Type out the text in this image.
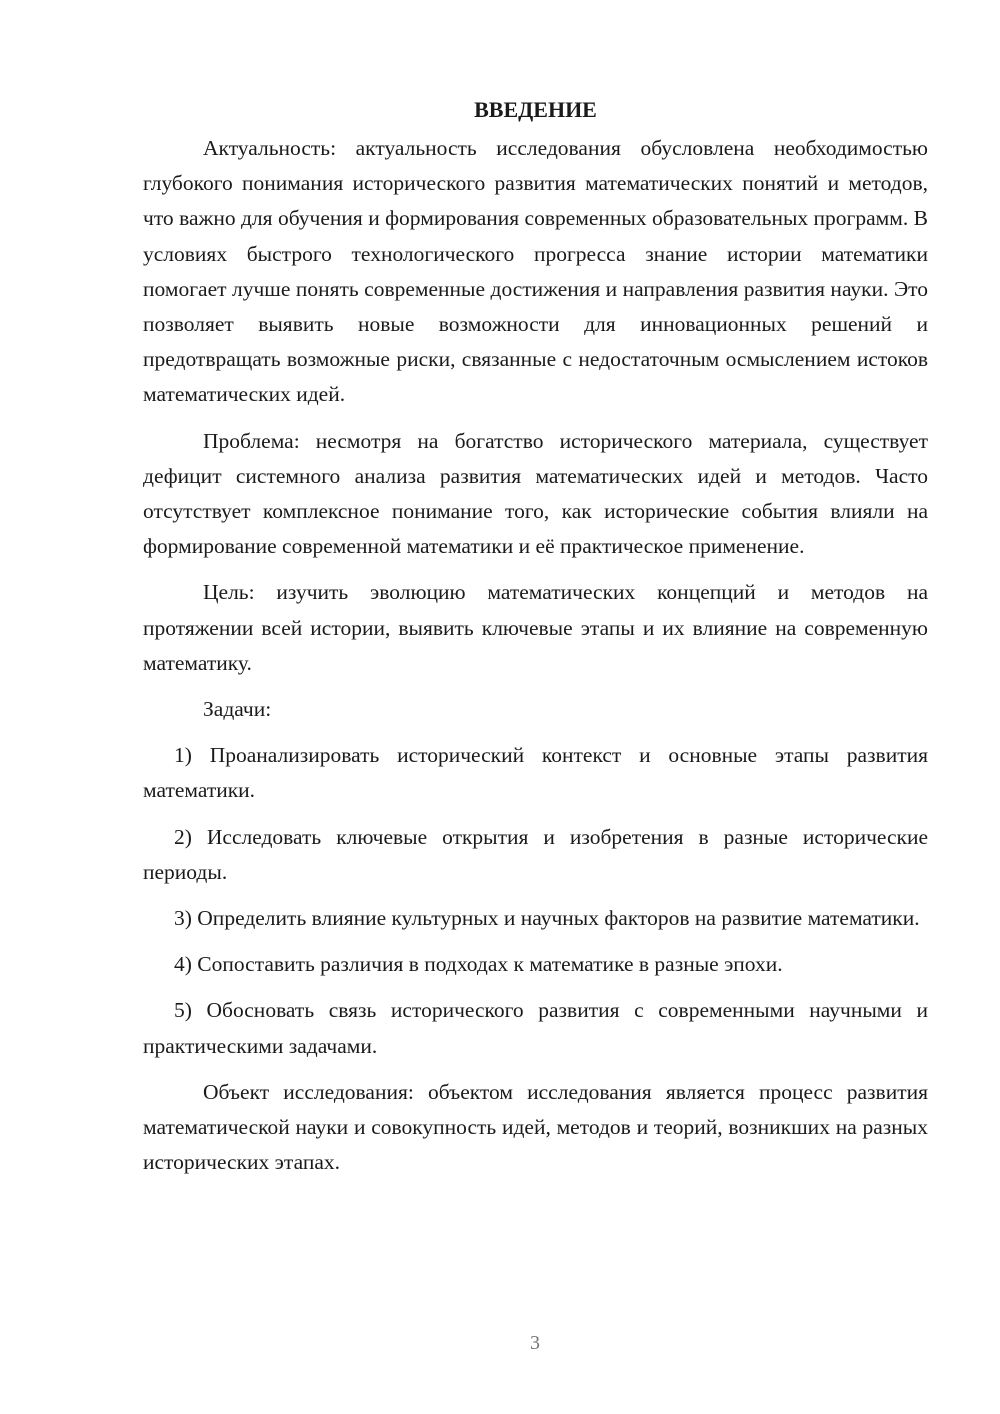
ВВЕДЕНИЕ

Актуальность: актуальность исследования обусловлена необходимостью глубокого понимания исторического развития математических понятий и методов, что важно для обучения и формирования современных образовательных программ. В условиях быстрого технологического прогресса знание истории математики помогает лучше понять современные достижения и направления развития науки. Это позволяет выявить новые возможности для инновационных решений и предотвращать возможные риски, связанные с недостаточным осмыслением истоков математических идей.

Проблема: несмотря на богатство исторического материала, существует дефицит системного анализа развития математических идей и методов. Часто отсутствует комплексное понимание того, как исторические события влияли на формирование современной математики и её практическое применение.

Цель: изучить эволюцию математических концепций и методов на протяжении всей истории, выявить ключевые этапы и их влияние на современную математику.

Задачи:

1) Проанализировать исторический контекст и основные этапы развития математики.

2) Исследовать ключевые открытия и изобретения в разные исторические периоды.

3) Определить влияние культурных и научных факторов на развитие математики.

4) Сопоставить различия в подходах к математике в разные эпохи.

5) Обосновать связь исторического развития с современными научными и практическими задачами.

Объект исследования: объектом исследования является процесс развития математической науки и совокупность идей, методов и теорий, возникших на разных исторических этапах.

3
